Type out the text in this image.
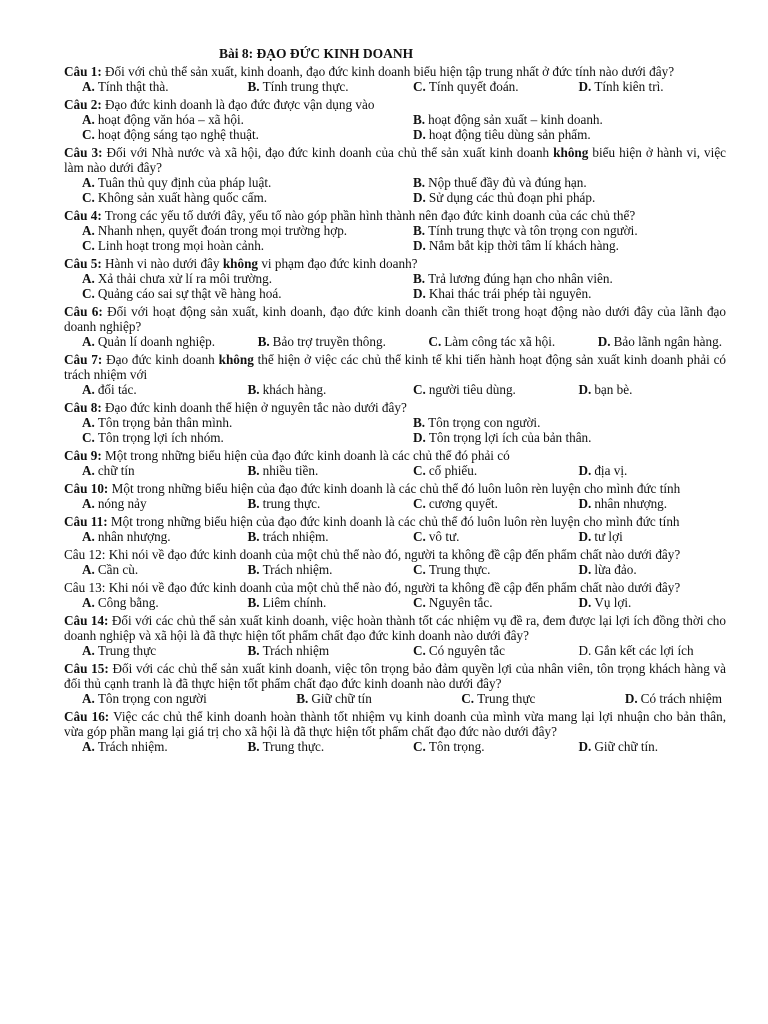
Bài 8: ĐẠO ĐỨC KINH DOANH
Câu 1: Đối với chủ thể sản xuất, kinh doanh, đạo đức kinh doanh biểu hiện tập trung nhất ở đức tính nào dưới đây?
A. Tính thật thà.	B. Tính trung thực.	C. Tính quyết đoán.	D. Tính kiên trì.
Câu 2: Đạo đức kinh doanh là đạo đức được vận dụng vào
A. hoạt động văn hóa – xã hội.	B. hoạt động sản xuất – kinh doanh.
C. hoạt động sáng tạo nghệ thuật.	D. hoạt động tiêu dùng sản phẩm.
Câu 3: Đối với Nhà nước và xã hội, đạo đức kinh doanh của chủ thể sản xuất kinh doanh không biểu hiện ở hành vi, việc làm nào dưới đây?
A. Tuân thủ quy định của pháp luật.	B. Nộp thuế đầy đủ và đúng hạn.
C. Không sản xuất hàng quốc cấm.	D. Sử dụng các thủ đoạn phi pháp.
Câu 4: Trong các yếu tố dưới đây, yếu tố nào góp phần hình thành nên đạo đức kinh doanh của các chủ thể?
A. Nhanh nhẹn, quyết đoán trong mọi trường hợp.	B. Tính trung thực và tôn trọng con người.
C. Linh hoạt trong mọi hoàn cảnh.	D. Nắm bắt kịp thời tâm lí khách hàng.
Câu 5: Hành vi nào dưới đây không vi phạm đạo đức kinh doanh?
A. Xả thải chưa xử lí ra môi trường.	B. Trả lương đúng hạn cho nhân viên.
C. Quảng cáo sai sự thật về hàng hoá.	D. Khai thác trái phép tài nguyên.
Câu 6: Đối với hoạt động sản xuất, kinh doanh, đạo đức kinh doanh cần thiết trong hoạt động nào dưới đây của lãnh đạo doanh nghiệp?
A. Quản lí doanh nghiệp.	B. Bảo trợ truyền thông.	C. Làm công tác xã hội.	D. Bảo lãnh ngân hàng.
Câu 7: Đạo đức kinh doanh không thể hiện ở việc các chủ thể kinh tế khi tiến hành hoạt động sản xuất kinh doanh phải có trách nhiệm với
A. đối tác.	B. khách hàng.	C. người tiêu dùng.	D. bạn bè.
Câu 8: Đạo đức kinh doanh thể hiện ở nguyên tắc nào dưới đây?
A. Tôn trọng bản thân mình.	B. Tôn trọng con người.
C. Tôn trọng lợi ích nhóm.	D. Tôn trọng lợi ích của bản thân.
Câu 9: Một trong những biểu hiện của đạo đức kinh doanh là các chủ thể đó phải có
A. chữ tín	B. nhiều tiền.	C. cổ phiếu.	D. địa vị.
Câu 10: Một trong những biểu hiện của đạo đức kinh doanh là các chủ thể đó luôn luôn rèn luyện cho mình đức tính
A. nóng nảy	B. trung thực.	C. cương quyết.	D. nhân nhượng.
Câu 11: Một trong những biểu hiện của đạo đức kinh doanh là các chủ thể đó luôn luôn rèn luyện cho mình đức tính
A. nhân nhượng.	B. trách nhiệm.	C. vô tư.	D. tư lợi
Câu 12: Khi nói về đạo đức kinh doanh của một chủ thể nào đó, người ta không đề cập đến phẩm chất nào dưới đây?
A. Cần cù.	B. Trách nhiệm.	C. Trung thực.	D. lừa đảo.
Câu 13: Khi nói về đạo đức kinh doanh của một chủ thể nào đó, người ta không đề cập đến phẩm chất nào dưới đây?
A. Công bằng.	B. Liêm chính.	C. Nguyên tắc.	D. Vụ lợi.
Câu 14: Đối với các chủ thể sản xuất kinh doanh, việc hoàn thành tốt các nhiệm vụ đề ra, đem được lại lợi ích đồng thời cho doanh nghiệp và xã hội là đã thực hiện tốt phẩm chất đạo đức kinh doanh nào dưới đây?
A. Trung thực	B. Trách nhiệm	C. Có nguyên tắc	D. Gắn kết các lợi ích
Câu 15: Đối với các chủ thể sản xuất kinh doanh, việc tôn trọng bảo đảm quyền lợi của nhân viên, tôn trọng khách hàng và đối thủ cạnh tranh là đã thực hiện tốt phẩm chất đạo đức kinh doanh nào dưới đây?
A. Tôn trọng con người	B. Giữ chữ tín	C. Trung thực	D. Có trách nhiệm
Câu 16: Việc các chủ thể kinh doanh hoàn thành tốt nhiệm vụ kinh doanh của mình vừa mang lại lợi nhuận cho bản thân, vừa góp phần mang lại giá trị cho xã hội là đã thực hiện tốt phẩm chất đạo đức nào dưới đây?
A. Trách nhiệm.	B. Trung thực.	C. Tôn trọng.	D. Giữ chữ tín.
